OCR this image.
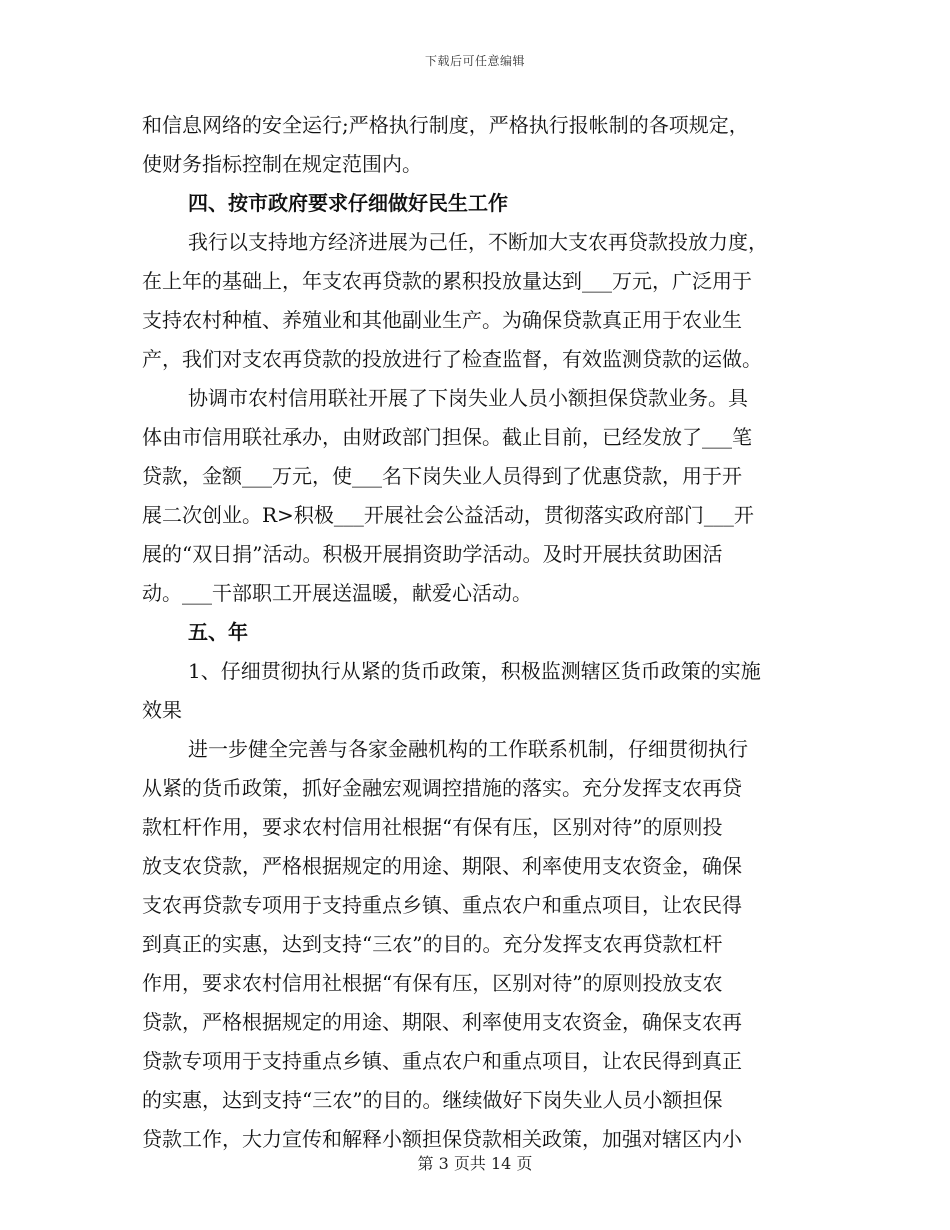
下载后可任意编辑
和信息网络的安全运行;严格执行制度，严格执行报帐制的各项规定，
使财务指标控制在规定范围内。
四、按市政府要求仔细做好民生工作
我行以支持地方经济进展为己任，不断加大支农再贷款投放力度，
在上年的基础上，年支农再贷款的累积投放量达到___万元，广泛用于
支持农村种植、养殖业和其他副业生产。为确保贷款真正用于农业生
产，我们对支农再贷款的投放进行了检查监督，有效监测贷款的运做。
协调市农村信用联社开展了下岗失业人员小额担保贷款业务。具
体由市信用联社承办，由财政部门担保。截止目前，已经发放了___笔
贷款，金额___万元，使___名下岗失业人员得到了优惠贷款，用于开
展二次创业。R>积极___开展社会公益活动，贯彻落实政府部门___开
展的“双日捐”活动。积极开展捐资助学活动。及时开展扶贫助困活
动。___干部职工开展送温暖，献爱心活动。
五、年
1、仔细贯彻执行从紧的货币政策，积极监测辖区货币政策的实施
效果
进一步健全完善与各家金融机构的工作联系机制，仔细贯彻执行
从紧的货币政策，抓好金融宏观调控措施的落实。充分发挥支农再贷
款杠杆作用，要求农村信用社根据“有保有压，区别对待”的原则投
放支农贷款，严格根据规定的用途、期限、利率使用支农资金，确保
支农再贷款专项用于支持重点乡镇、重点农户和重点项目，让农民得
到真正的实惠，达到支持“三农”的目的。充分发挥支农再贷款杠杆
作用，要求农村信用社根据“有保有压，区别对待”的原则投放支农
贷款，严格根据规定的用途、期限、利率使用支农资金，确保支农再
贷款专项用于支持重点乡镇、重点农户和重点项目，让农民得到真正
的实惠，达到支持“三农”的目的。继续做好下岗失业人员小额担保
贷款工作，大力宣传和解释小额担保贷款相关政策，加强对辖区内小
第 3 页共 14 页
